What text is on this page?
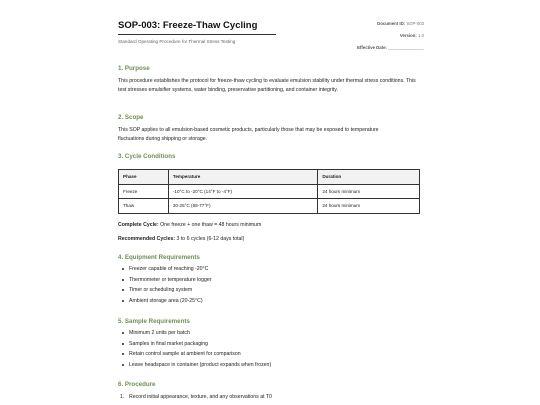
SOP-003: Freeze-Thaw Cycling
Standard Operating Procedure for Thermal Stress Testing
Document ID: SOP-003
Version: 1.0
Effective Date: _______________
1. Purpose
This procedure establishes the protocol for freeze-thaw cycling to evaluate emulsion stability under thermal stress conditions. This test stresses emulsifier systems, water binding, preservative partitioning, and container integrity.
2. Scope
This SOP applies to all emulsion-based cosmetic products, particularly those that may be exposed to temperature fluctuations during shipping or storage.
3. Cycle Conditions
Phase	Temperature	Duration
Freeze	-10°C to -20°C (14°F to -4°F)	24 hours minimum
Thaw	20-25°C (68-77°F)	24 hours minimum
Complete Cycle: One freeze + one thaw = 48 hours minimum
Recommended Cycles: 3 to 6 cycles (6-12 days total)
4. Equipment Requirements
Freezer capable of reaching -20°C
Thermometer or temperature logger
Timer or scheduling system
Ambient storage area (20-25°C)
5. Sample Requirements
Minimum 2 units per batch
Samples in final market packaging
Retain control sample at ambient for comparison
Leave headspace in container (product expands when frozen)
6. Procedure
1. Record initial appearance, texture, and any observations at T0
